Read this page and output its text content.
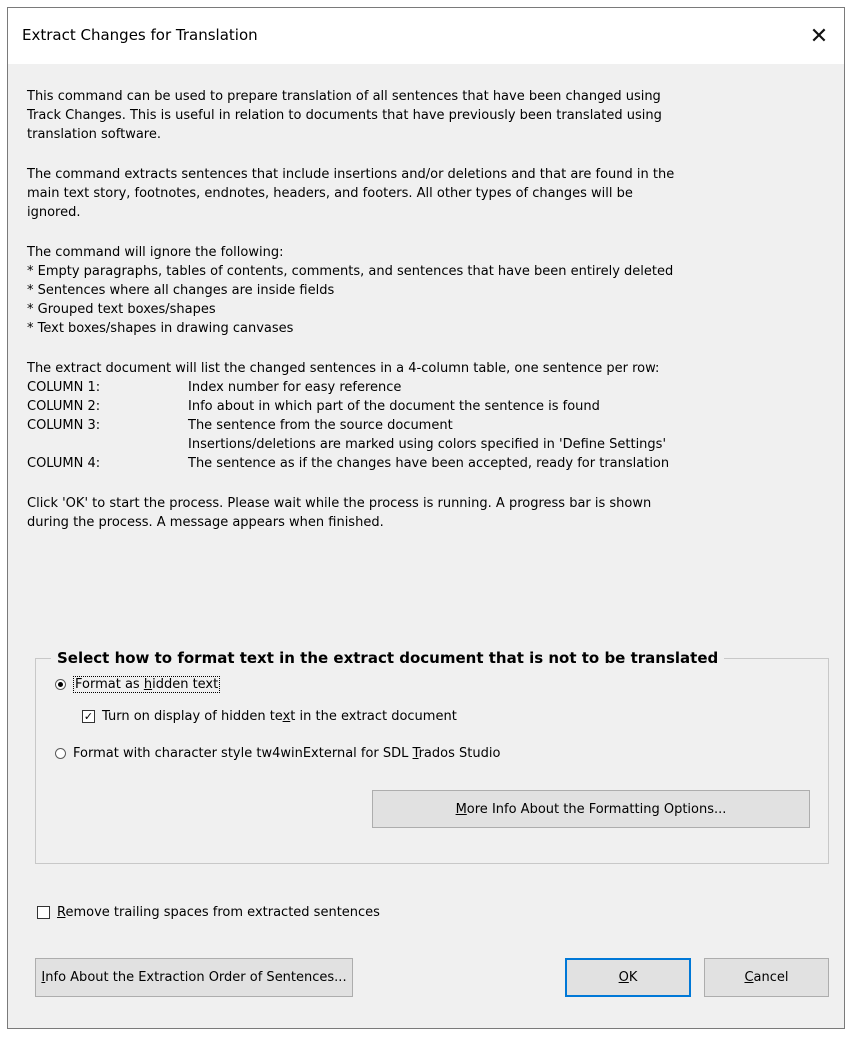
Extract Changes for Translation	✕
This command can be used to prepare translation of all sentences that have been changed using
Track Changes. This is useful in relation to documents that have previously been translated using
translation software.
The command extracts sentences that include insertions and/or deletions and that are found in the
main text story, footnotes, endnotes, headers, and footers. All other types of changes will be
ignored.
The command will ignore the following:
* Empty paragraphs, tables of contents, comments, and sentences that have been entirely deleted
* Sentences where all changes are inside fields
* Grouped text boxes/shapes
* Text boxes/shapes in drawing canvases
The extract document will list the changed sentences in a 4-column table, one sentence per row:
COLUMN 1:	Index number for easy reference
COLUMN 2:	Info about in which part of the document the sentence is found
COLUMN 3:	The sentence from the source document
Insertions/deletions are marked using colors specified in 'Define Settings'
COLUMN 4:	The sentence as if the changes have been accepted, ready for translation
Click 'OK' to start the process. Please wait while the process is running. A progress bar is shown
during the process. A message appears when finished.
Select how to format text in the extract document that is not to be translated
Format as hidden text
✓ Turn on display of hidden text in the extract document
Format with character style tw4winExternal for SDL Trados Studio
M ore Info About the Formatting Options...
Remove trailing spaces from extracted sentences
I nfo About the Extraction Order of Sentences...	O K	C ancel
